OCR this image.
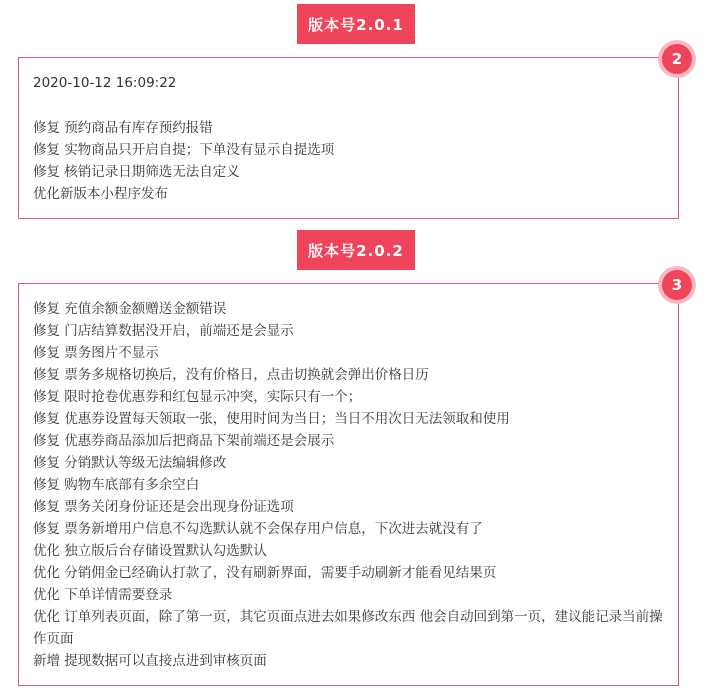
版本号2.0.1
2020-10-12 16:09:22
修复 预约商品有库存预约报错
修复 实物商品只开启自提；下单没有显示自提选项
修复 核销记录日期筛选无法自定义
优化新版本小程序发布
2
版本号2.0.2
修复 充值余额金额赠送金额错误
修复 门店结算数据没开启，前端还是会显示
修复 票务图片不显示
修复 票务多规格切换后，没有价格日，点击切换就会弹出价格日历
修复 限时抢卷优惠券和红包显示冲突，实际只有一个；
修复 优惠券设置每天领取一张，使用时间为当日；当日不用次日无法领取和使用
修复 优惠券商品添加后把商品下架前端还是会展示
修复 分销默认等级无法编辑修改
修复 购物车底部有多余空白
修复 票务关闭身份证还是会出现身份证选项
修复 票务新增用户信息不勾选默认就不会保存用户信息，下次进去就没有了
优化 独立版后台存储设置默认勾选默认
优化 分销佣金已经确认打款了，没有刷新界面，需要手动刷新才能看见结果页
优化 下单详情需要登录
优化 订单列表页面，除了第一页，其它页面点进去如果修改东西 他会自动回到第一页，建议能记录当前操作页面
新增 提现数据可以直接点进到审核页面
3
